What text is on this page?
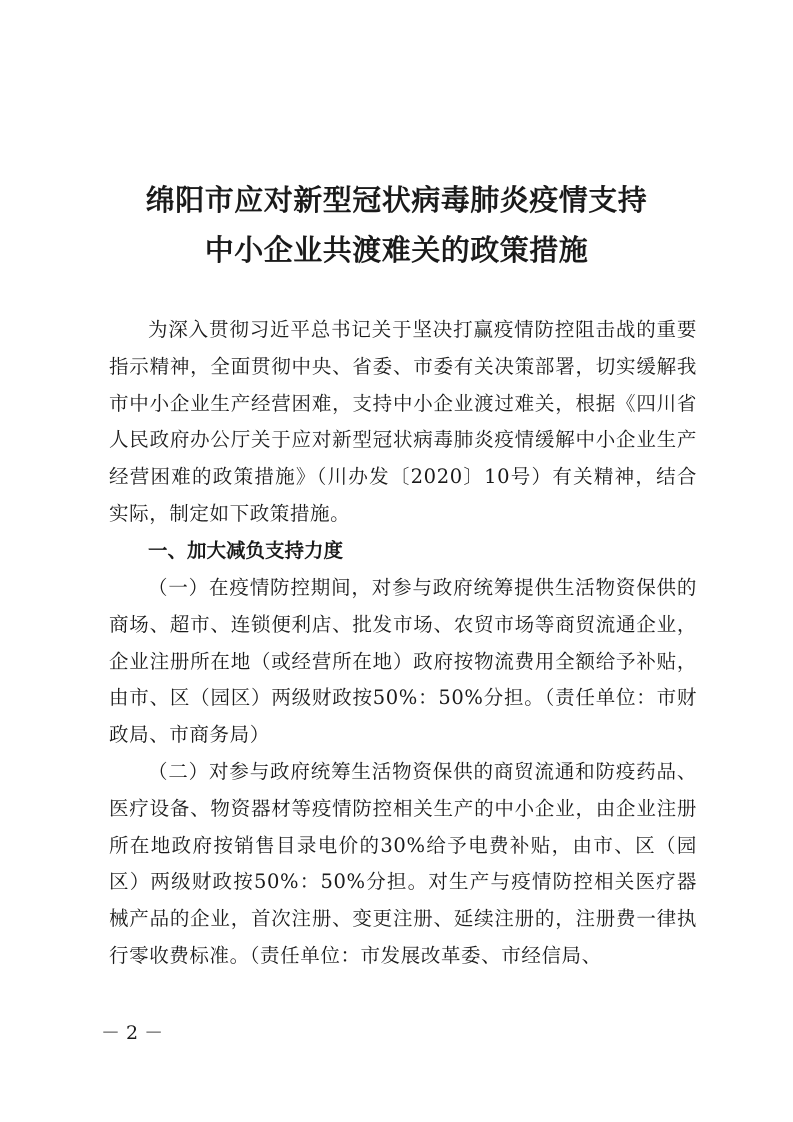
绵阳市应对新型冠状病毒肺炎疫情支持
中小企业共渡难关的政策措施

为深入贯彻习近平总书记关于坚决打赢疫情防控阻击战的重要指示精神，全面贯彻中央、省委、市委有关决策部署，切实缓解我市中小企业生产经营困难，支持中小企业渡过难关，根据《四川省人民政府办公厅关于应对新型冠状病毒肺炎疫情缓解中小企业生产经营困难的政策措施》（川办发〔2020〕10号）有关精神，结合实际，制定如下政策措施。

一、加大减负支持力度

（一）在疫情防控期间，对参与政府统筹提供生活物资保供的商场、超市、连锁便利店、批发市场、农贸市场等商贸流通企业，企业注册所在地（或经营所在地）政府按物流费用全额给予补贴，由市、区（园区）两级财政按50%：50%分担。（责任单位：市财政局、市商务局）

（二）对参与政府统筹生活物资保供的商贸流通和防疫药品、医疗设备、物资器材等疫情防控相关生产的中小企业，由企业注册所在地政府按销售目录电价的30%给予电费补贴，由市、区（园区）两级财政按50%：50%分担。对生产与疫情防控相关医疗器械产品的企业，首次注册、变更注册、延续注册的，注册费一律执行零收费标准。（责任单位：市发展改革委、市经信局、

－ 2 －
